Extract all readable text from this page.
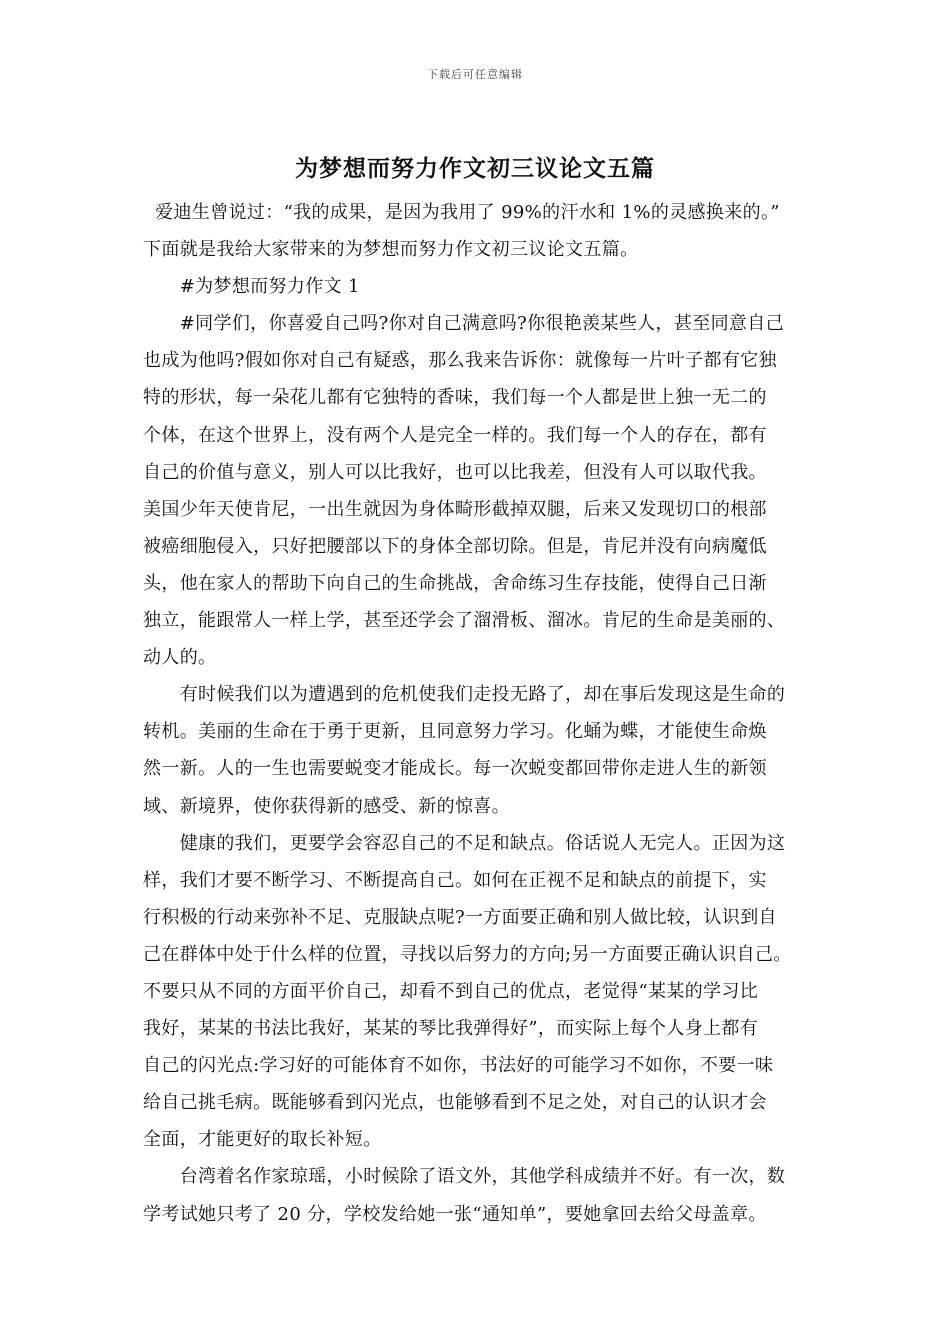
下载后可任意编辑
为梦想而努力作文初三议论文五篇
爱迪生曾说过：“我的成果，是因为我用了 99%的汗水和 1%的灵感换来的。”
下面就是我给大家带来的为梦想而努力作文初三议论文五篇。
　　#为梦想而努力作文 1
　　#同学们，你喜爱自己吗?你对自己满意吗?你很艳羡某些人，甚至同意自己
也成为他吗?假如你对自己有疑惑，那么我来告诉你：就像每一片叶子都有它独
特的形状，每一朵花儿都有它独特的香味，我们每一个人都是世上独一无二的
个体，在这个世界上，没有两个人是完全一样的。我们每一个人的存在，都有
自己的价值与意义，别人可以比我好，也可以比我差，但没有人可以取代我。
美国少年天使肯尼，一出生就因为身体畸形截掉双腿，后来又发现切口的根部
被癌细胞侵入，只好把腰部以下的身体全部切除。但是，肯尼并没有向病魔低
头，他在家人的帮助下向自己的生命挑战，舍命练习生存技能，使得自己日渐
独立，能跟常人一样上学，甚至还学会了溜滑板、溜冰。肯尼的生命是美丽的、
动人的。
　　有时候我们以为遭遇到的危机使我们走投无路了，却在事后发现这是生命的
转机。美丽的生命在于勇于更新，且同意努力学习。化蛹为蝶，才能使生命焕
然一新。人的一生也需要蜕变才能成长。每一次蜕变都回带你走进人生的新领
域、新境界，使你获得新的感受、新的惊喜。
　　健康的我们，更要学会容忍自己的不足和缺点。俗话说人无完人。正因为这
样，我们才要不断学习、不断提高自己。如何在正视不足和缺点的前提下，实
行积极的行动来弥补不足、克服缺点呢?一方面要正确和别人做比较，认识到自
己在群体中处于什么样的位置，寻找以后努力的方向;另一方面要正确认识自己。
不要只从不同的方面平价自己，却看不到自己的优点，老觉得“某某的学习比
我好，某某的书法比我好，某某的琴比我弹得好”，而实际上每个人身上都有
自己的闪光点:学习好的可能体育不如你，书法好的可能学习不如你，不要一味
给自己挑毛病。既能够看到闪光点，也能够看到不足之处，对自己的认识才会
全面，才能更好的取长补短。
　　台湾着名作家琼瑶，小时候除了语文外，其他学科成绩并不好。有一次，数
学考试她只考了 20 分，学校发给她一张“通知单”，要她拿回去给父母盖章。
